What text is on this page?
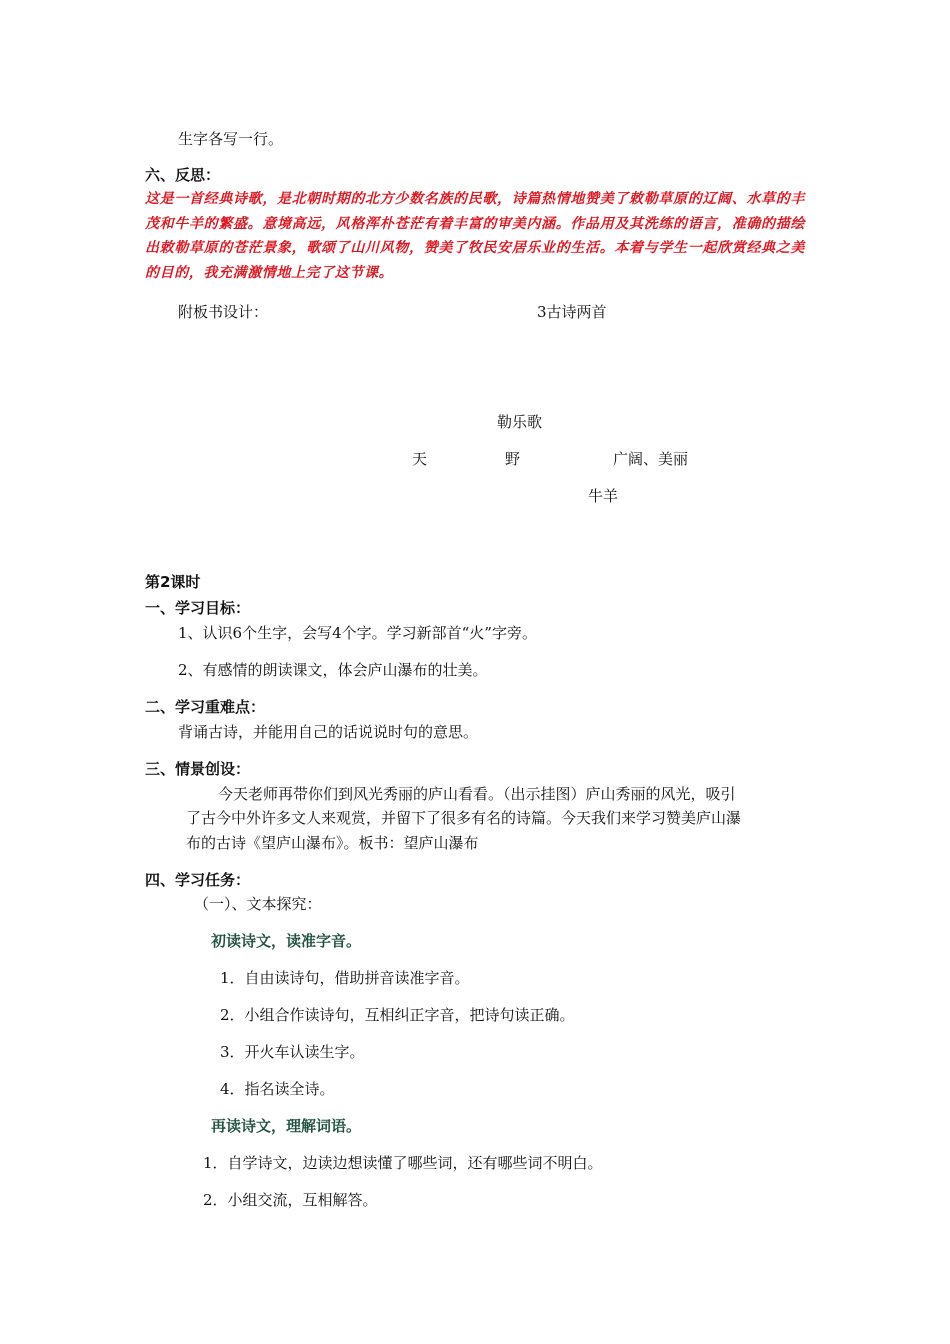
生字各写一行。
六、反思：
这是一首经典诗歌，是北朝时期的北方少数名族的民歌，诗篇热情地赞美了敕勒草原的辽阔、水草的丰茂和牛羊的繁盛。意境高远，风格浑朴苍茫有着丰富的审美内涵。作品用及其洗练的语言，准确的描绘出敕勒草原的苍茫景象，歌颂了山川风物，赞美了牧民安居乐业的生活。本着与学生一起欣赏经典之美的目的，我充满激情地上完了这节课。
附板书设计：	3古诗两首
勒乐歌
天	野	广阔、美丽
牛羊
第2课时
一、学习目标：
1、认识6个生字，会写4个字。学习新部首“火”字旁。
2、有感情的朗读课文，体会庐山瀑布的壮美。
二、学习重难点：
背诵古诗，并能用自己的话说说时句的意思。
三、情景创设：
今天老师再带你们到风光秀丽的庐山看看。（出示挂图）庐山秀丽的风光，吸引
了古今中外许多文人来观赏，并留下了很多有名的诗篇。今天我们来学习赞美庐山瀑
布的古诗《望庐山瀑布》。板书：望庐山瀑布
四、学习任务：
（一）、文本探究：
初读诗文，读准字音。
1．自由读诗句，借助拼音读准字音。
2．小组合作读诗句，互相纠正字音，把诗句读正确。
3．开火车认读生字。
4．指名读全诗。
再读诗文，理解词语。
1．自学诗文，边读边想读懂了哪些词，还有哪些词不明白。
2．小组交流，互相解答。
